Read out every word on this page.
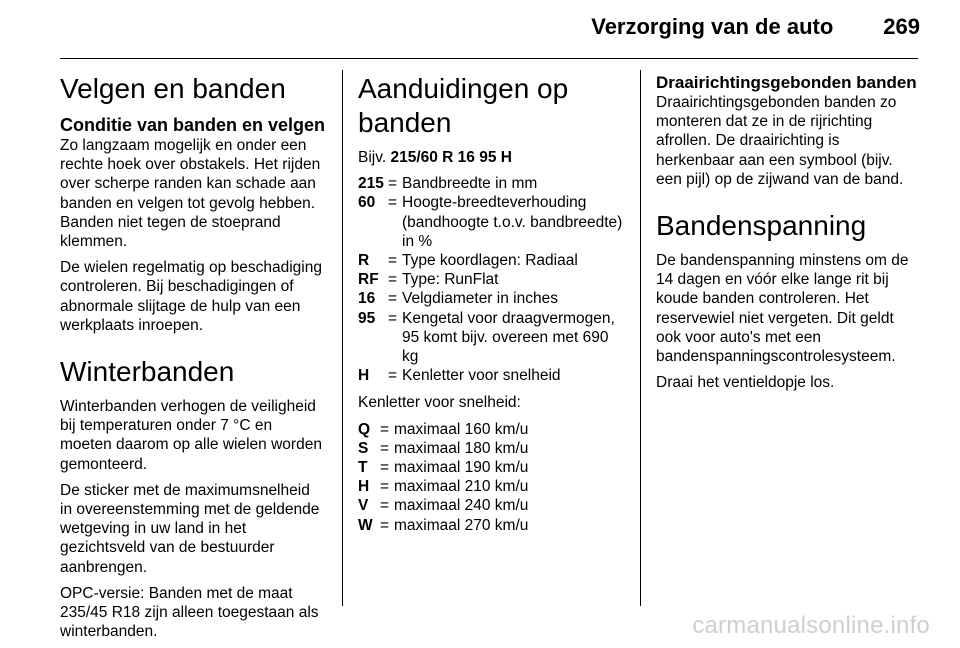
Verzorging van de auto 269
Velgen en banden
Conditie van banden en velgen

Zo langzaam mogelijk en onder een rechte hoek over obstakels. Het rijden over scherpe randen kan schade aan banden en velgen tot gevolg hebben. Banden niet tegen de stoeprand klemmen.

De wielen regelmatig op beschadiging controleren. Bij beschadigingen of abnormale slijtage de hulp van een werkplaats inroepen.

Winterbanden

Winterbanden verhogen de veiligheid bij temperaturen onder 7 °C en moeten daarom op alle wielen worden gemonteerd.

De sticker met de maximumsnelheid in overeenstemming met de geldende wetgeving in uw land in het gezichtsveld van de bestuurder aanbrengen.

OPC-versie: Banden met de maat 235/45 R18 zijn alleen toegestaan als winterbanden.

Aanduidingen op banden

Bijv. 215/60 R 16 95 H

215	=	Bandbreedte in mm
60	=	Hoogte-breedteverhouding (bandhoogte t.o.v. bandbreedte) in %
R	=	Type koordlagen: Radiaal
RF	=	Type: RunFlat
16	=	Velgdiameter in inches
95	=	Kengetal voor draagvermogen, 95 komt bijv. overeen met 690 kg
H	=	Kenletter voor snelheid

Kenletter voor snelheid:

Q	=	maximaal 160 km/u
S	=	maximaal 180 km/u
T	=	maximaal 190 km/u
H	=	maximaal 210 km/u
V	=	maximaal 240 km/u
W	=	maximaal 270 km/u
Draairichtingsgebonden banden

Draairichtingsgebonden banden zo monteren dat ze in de rijrichting afrollen. De draairichting is herkenbaar aan een symbool (bijv. een pijl) op de zijwand van de band.

Bandenspanning

De bandenspanning minstens om de 14 dagen en vóór elke lange rit bij koude banden controleren. Het reservewiel niet vergeten. Dit geldt ook voor auto's met een bandenspanningscontrolesysteem.

Draai het ventieldopje los.

carmanualsonline.info
